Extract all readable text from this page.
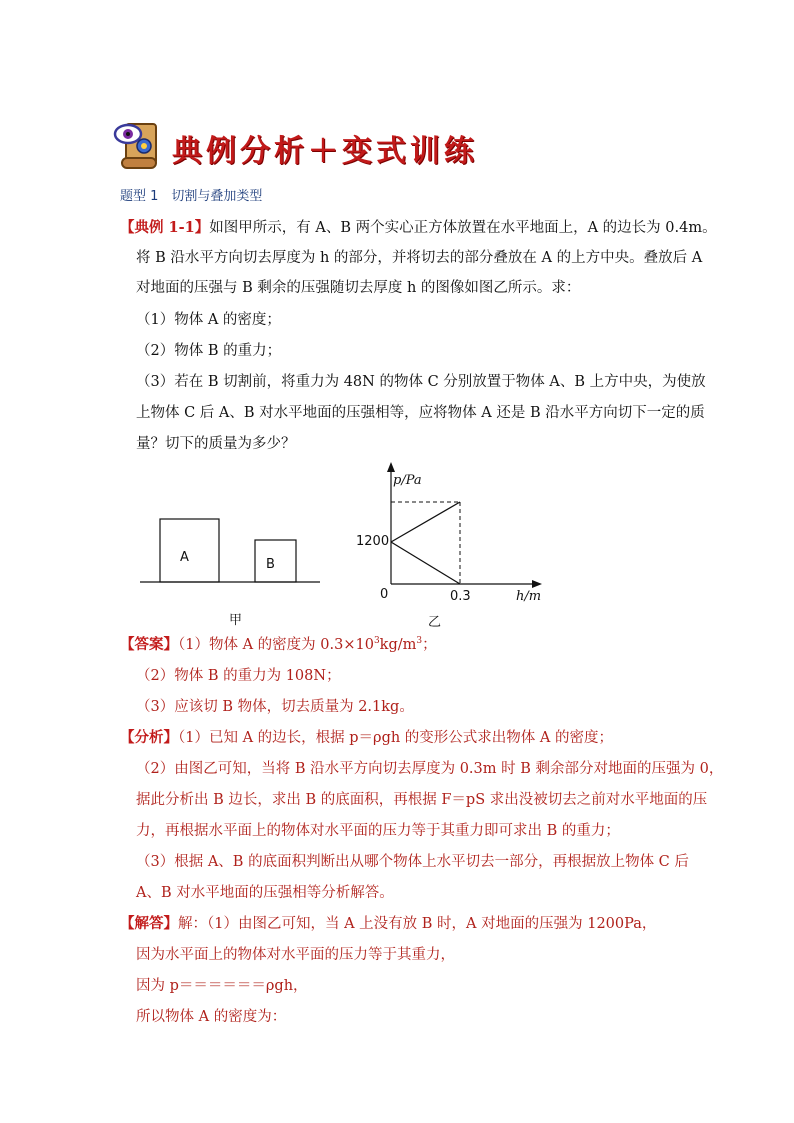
典例分析＋变式训练
题型 1　切割与叠加类型
【典例 1-1】如图甲所示，有 A、B 两个实心正方体放置在水平地面上，A 的边长为 0.4m。
将 B 沿水平方向切去厚度为 h 的部分，并将切去的部分叠放在 A 的上方中央。叠放后 A
对地面的压强与 B 剩余的压强随切去厚度 h 的图像如图乙所示。求：
（1）物体 A 的密度；
（2）物体 B 的重力；
（3）若在 B 切割前，将重力为 48N 的物体 C 分别放置于物体 A、B 上方中央，为使放
上物体 C 后 A、B 对水平地面的压强相等，应将物体 A 还是 B 沿水平方向切下一定的质
量？切下的质量为多少？
A	B
甲
p/Pa
1200
0	0.3	h/m
乙
【答案】（1）物体 A 的密度为 $0.3\times 10^3kg/m^3$；
（2）物体 B 的重力为 108N；
（3）应该切 B 物体，切去质量为 2.1kg。
【分析】（1）已知 A 的边长，根据 p＝ρgh 的变形公式求出物体 A 的密度；
（2）由图乙可知，当将 B 沿水平方向切去厚度为 0.3m 时 B 剩余部分对地面的压强为 0，
据此分析出 B 边长，求出 B 的底面积，再根据 F＝pS 求出没被切去之前对水平地面的压
力，再根据水平面上的物体对水平面的压力等于其重力即可求出 B 的重力；
（3）根据 A、B 的底面积判断出从哪个物体上水平切去一部分，再根据放上物体 C 后
A、B 对水平地面的压强相等分析解答。
【解答】解：（1）由图乙可知，当 A 上没有放 B 时，A 对地面的压强为 1200Pa，
因为水平面上的物体对水平面的压力等于其重力，
因为 p＝＝＝＝＝＝ρgh，
所以物体 A 的密度为：
